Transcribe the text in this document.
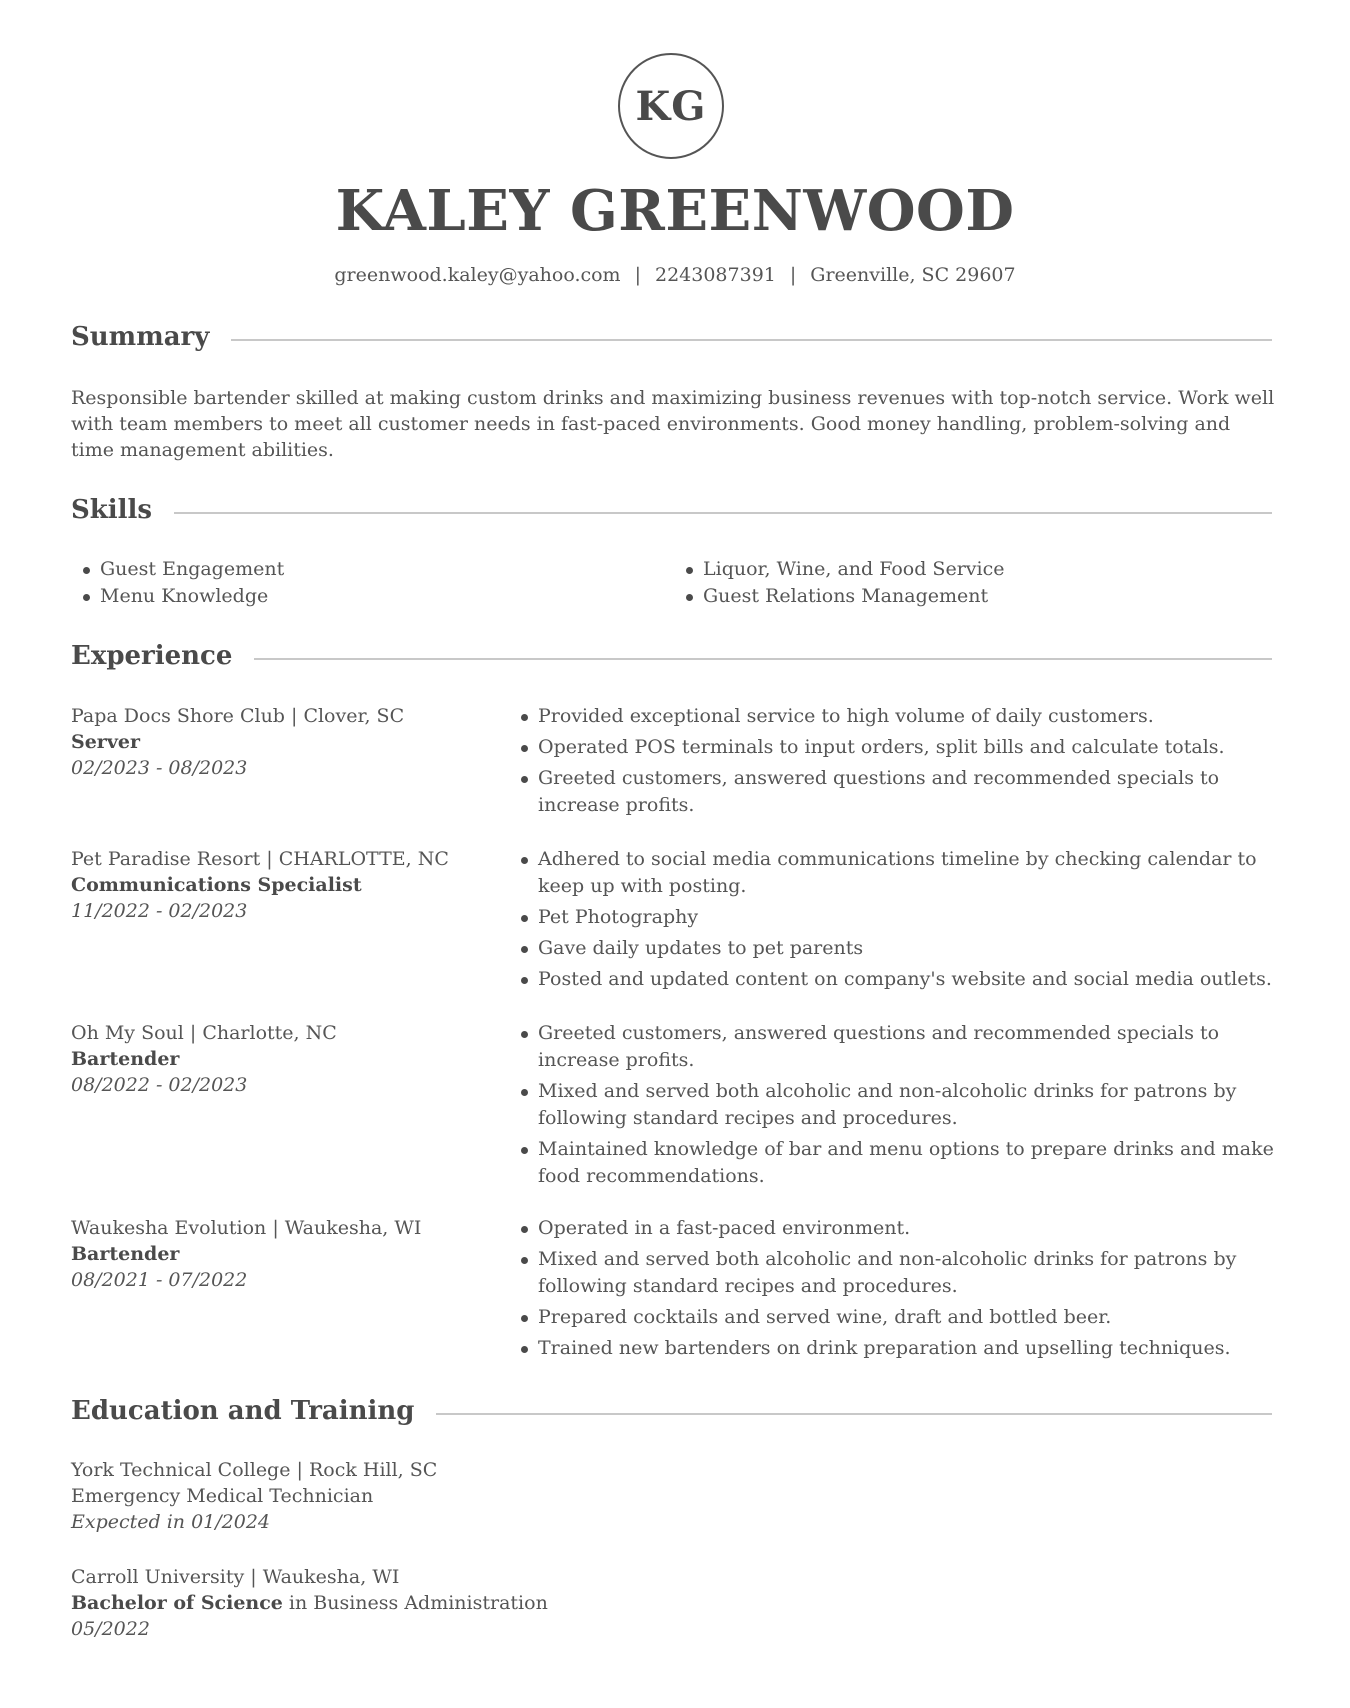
KG
KALEY GREENWOOD
greenwood.kaley@yahoo.com | 2243087391 | Greenville, SC 29607
Summary
Responsible bartender skilled at making custom drinks and maximizing business revenues with top-notch service. Work well with team members to meet all customer needs in fast-paced environments. Good money handling, problem-solving and time management abilities.
Skills
Guest Engagement
Menu Knowledge
Liquor, Wine, and Food Service
Guest Relations Management
Experience
Papa Docs Shore Club | Clover, SC
Server
02/2023 - 08/2023
Provided exceptional service to high volume of daily customers.
Operated POS terminals to input orders, split bills and calculate totals.
Greeted customers, answered questions and recommended specials to increase profits.
Pet Paradise Resort | CHARLOTTE, NC
Communications Specialist
11/2022 - 02/2023
Adhered to social media communications timeline by checking calendar to keep up with posting.
Pet Photography
Gave daily updates to pet parents
Posted and updated content on company's website and social media outlets.
Oh My Soul | Charlotte, NC
Bartender
08/2022 - 02/2023
Greeted customers, answered questions and recommended specials to increase profits.
Mixed and served both alcoholic and non-alcoholic drinks for patrons by following standard recipes and procedures.
Maintained knowledge of bar and menu options to prepare drinks and make food recommendations.
Waukesha Evolution | Waukesha, WI
Bartender
08/2021 - 07/2022
Operated in a fast-paced environment.
Mixed and served both alcoholic and non-alcoholic drinks for patrons by following standard recipes and procedures.
Prepared cocktails and served wine, draft and bottled beer.
Trained new bartenders on drink preparation and upselling techniques.
Education and Training
York Technical College | Rock Hill, SC
Emergency Medical Technician
Expected in 01/2024
Carroll University | Waukesha, WI
Bachelor of Science in Business Administration
05/2022
